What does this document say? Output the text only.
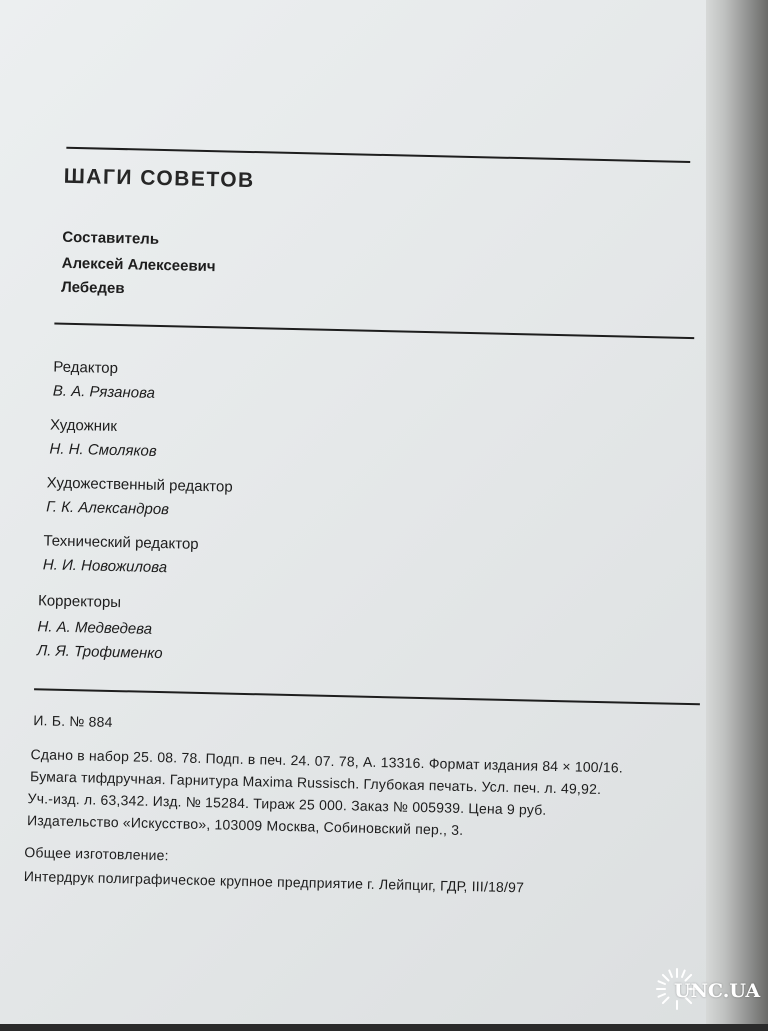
ШАГИ СОВЕТОВ
Составитель
Алексей Алексеевич
Лебедев
Редактор
В. А. Рязанова
Художник
Н. Н. Смоляков
Художественный редактор
Г. К. Александров
Технический редактор
Н. И. Новожилова
Корректоры
Н. А. Медведева
Л. Я. Трофименко
И. Б. № 884
Сдано в набор 25. 08. 78. Подп. в печ. 24. 07. 78, А. 13316. Формат издания 84 × 100/16.
Бумага тифдручная. Гарнитура Maxima Russisch. Глубокая печать. Усл. печ. л. 49,92.
Уч.-изд. л. 63,342. Изд. № 15284. Тираж 25 000. Заказ № 005939. Цена 9 руб.
Издательство «Искусство», 103009 Москва, Собиновский пер., 3.
Общее изготовление:
Интердрук полиграфическое крупное предприятие г. Лейпциг, ГДР, III/18/97
UNC.UA
